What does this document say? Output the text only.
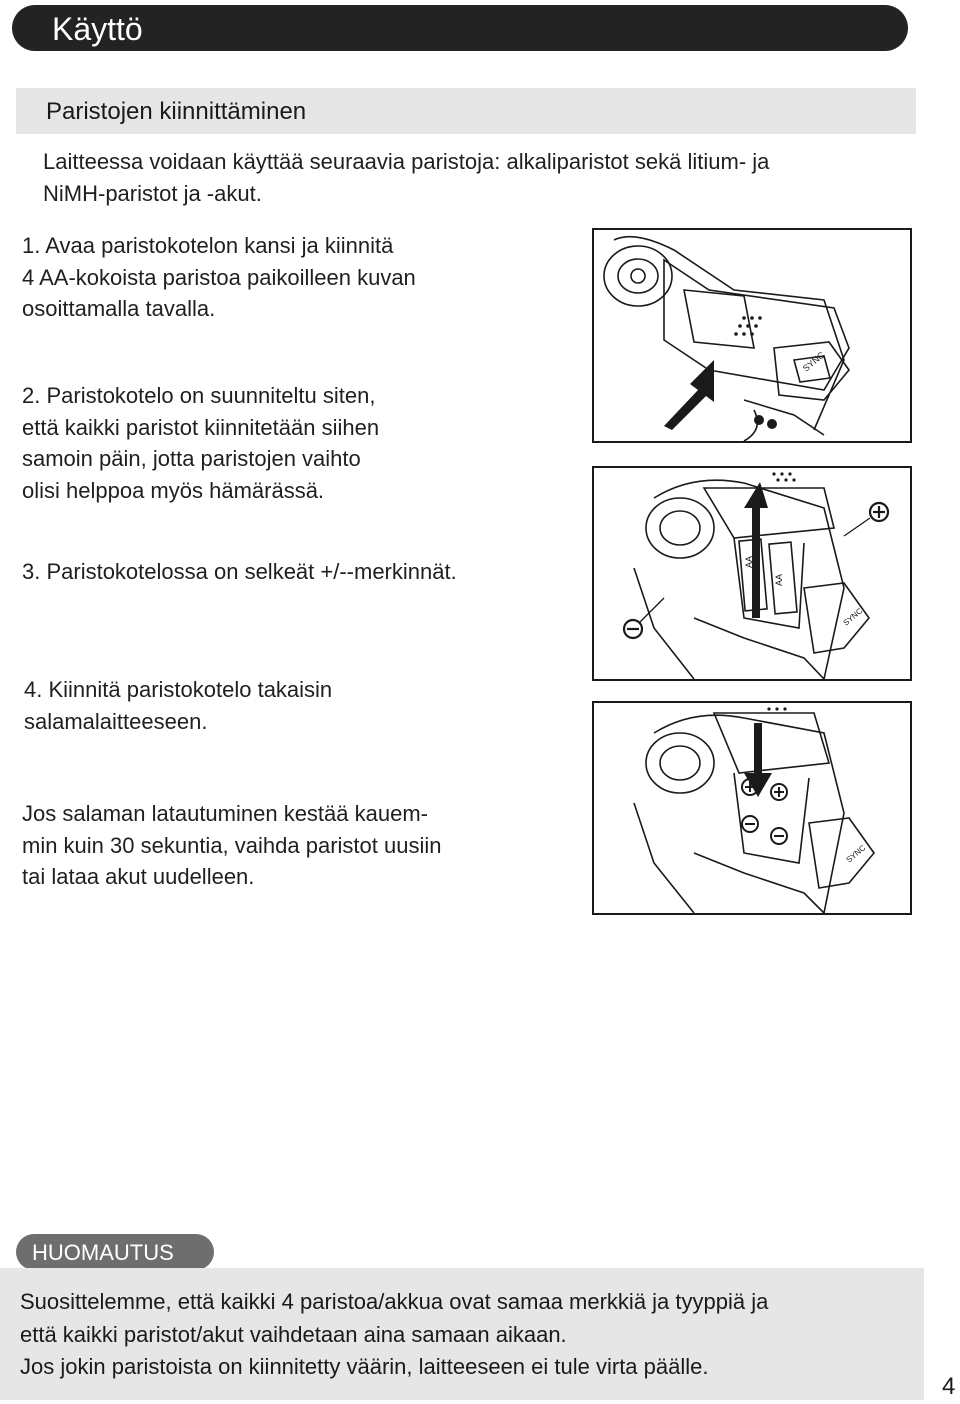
Käyttö
Paristojen kiinnittäminen

Laitteessa voidaan käyttää seuraavia paristoja: alkaliparistot sekä litium- ja
NiMH-paristot ja -akut.

1. Avaa paristokotelon kansi ja kiinnitä
4 AA-kokoista paristoa paikoilleen kuvan
osoittamalla tavalla.

2. Paristokotelo on suunniteltu siten,
että kaikki paristot kiinnitetään siihen
samoin päin, jotta paristojen vaihto
olisi helppoa myös hämärässä.

3. Paristokotelossa on selkeät +/--merkinnät.

4. Kiinnitä paristokotelo takaisin
salamalaitteeseen.

Jos salaman latautuminen kestää kauem-
min kuin 30 sekuntia, vaihda paristot uusiin
tai lataa akut uudelleen.

SYNC
AA
AA
SYNC
SYNC
HUOMAUTUS

Suosittelemme, että kaikki 4 paristoa/akkua ovat samaa merkkiä ja tyyppiä ja

että kaikki paristot/akut vaihdetaan aina samaan aikaan.

Jos jokin paristoista on kiinnitetty väärin, laitteeseen ei tule virta päälle.

4
